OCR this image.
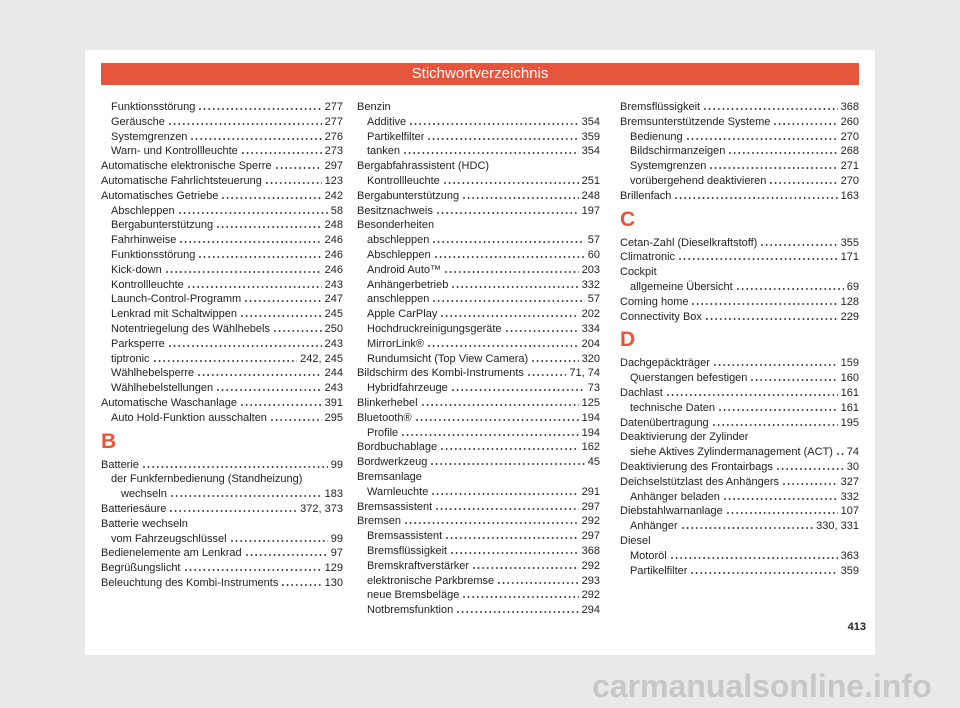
Stichwortverzeichnis
Funktionsstörung	277
Geräusche	277
Systemgrenzen	276
Warn- und Kontrollleuchte	273
Automatische elektronische Sperre	297
Automatische Fahrlichtsteuerung	123
Automatisches Getriebe	242
Abschleppen	58
Bergabunterstützung	248
Fahrhinweise	246
Funktionsstörung	246
Kick-down	246
Kontrollleuchte	243
Launch-Control-Programm	247
Lenkrad mit Schaltwippen	245
Notentriegelung des Wählhebels	250
Parksperre	243
tiptronic	242, 245
Wählhebelsperre	244
Wählhebelstellungen	243
Automatische Waschanlage	391
Auto Hold-Funktion ausschalten	295
B
Batterie	99
der Funkfernbedienung (Standheizung)
wechseln	183
Batteriesäure	372, 373
Batterie wechseln
vom Fahrzeugschlüssel	99
Bedienelemente am Lenkrad	97
Begrüßungslicht	129
Beleuchtung des Kombi-Instruments	130
Benzin
Additive	354
Partikelfilter	359
tanken	354
Bergabfahrassistent (HDC)
Kontrollleuchte	251
Bergabunterstützung	248
Besitznachweis	197
Besonderheiten
abschleppen	57
Abschleppen	60
Android Auto™	203
Anhängerbetrieb	332
anschleppen	57
Apple CarPlay	202
Hochdruckreinigungsgeräte	334
MirrorLink®	204
Rundumsicht (Top View Camera)	320
Bildschirm des Kombi-Instruments	71, 74
Hybridfahrzeuge	73
Blinkerhebel	125
Bluetooth®	194
Profile	194
Bordbuchablage	162
Bordwerkzeug	45
Bremsanlage
Warnleuchte	291
Bremsassistent	297
Bremsen	292
Bremsassistent	297
Bremsflüssigkeit	368
Bremskraftverstärker	292
elektronische Parkbremse	293
neue Bremsbeläge	292
Notbremsfunktion	294
Bremsflüssigkeit	368
Bremsunterstützende Systeme	260
Bedienung	270
Bildschirmanzeigen	268
Systemgrenzen	271
vorübergehend deaktivieren	270
Brillenfach	163
C
Cetan-Zahl (Dieselkraftstoff)	355
Climatronic	171
Cockpit
allgemeine Übersicht	69
Coming home	128
Connectivity Box	229
D
Dachgepäckträger	159
Querstangen befestigen	160
Dachlast	161
technische Daten	161
Datenübertragung	195
Deaktivierung der Zylinder
siehe Aktives Zylindermanagement (ACT) 74
Deaktivierung des Frontairbags	30
Deichselstützlast des Anhängers	327
Anhänger beladen	332
Diebstahlwarnanlage	107
Anhänger	330, 331
Diesel
Motoröl	363
Partikelfilter	359
413
carmanualsonline.info
